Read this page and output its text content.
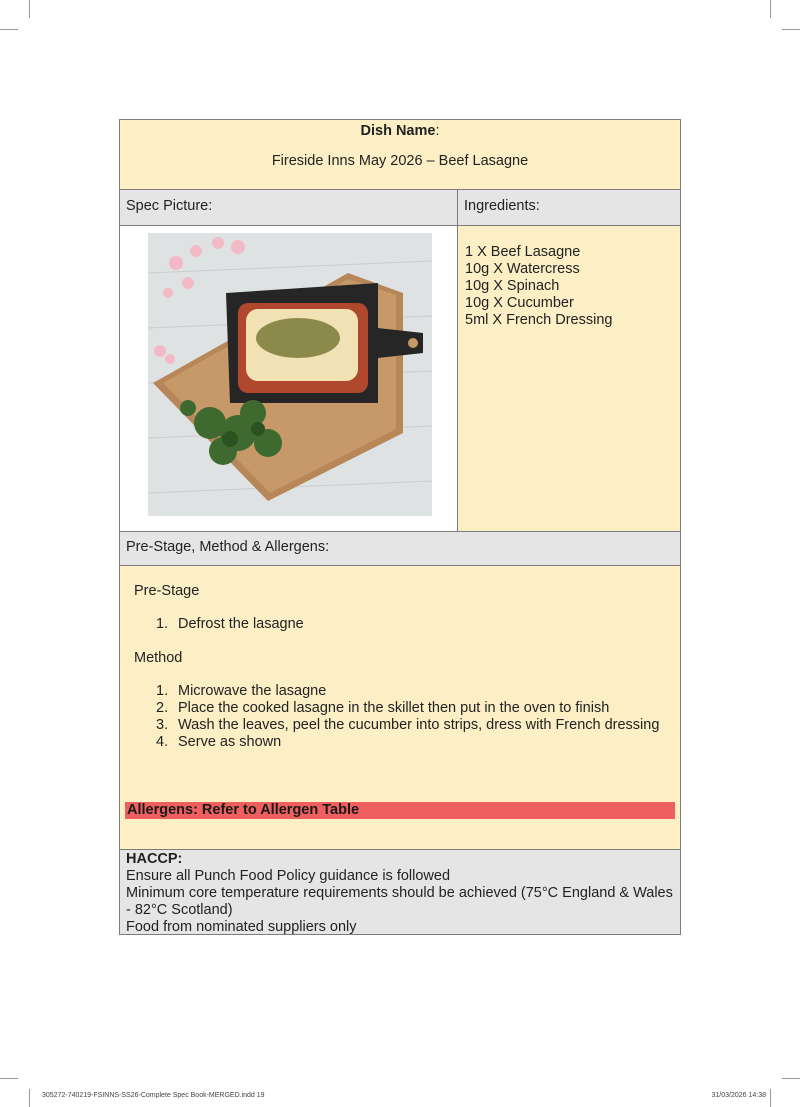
Dish Name:
Fireside Inns May 2026 – Beef Lasagne
Spec Picture:	Ingredients:
1 X Beef Lasagne
10g X Watercress
10g X Spinach
10g X Cucumber
5ml X French Dressing
Pre-Stage, Method & Allergens:

Pre-Stage

1. Defrost the lasagne

Method

1. Microwave the lasagne
2. Place the cooked lasagne in the skillet then put in the oven to finish
3. Wash the leaves, peel the cucumber into strips, dress with French dressing
4. Serve as shown
Allergens: Refer to Allergen Table
HACCP:
Ensure all Punch Food Policy guidance is followed
Minimum core temperature requirements should be achieved (75°C England & Wales - 82°C Scotland)
Food from nominated suppliers only
305272-740219-FSINNS-SS26-Complete Spec Book-MERGED.indd 19	31/03/2026 14:38
